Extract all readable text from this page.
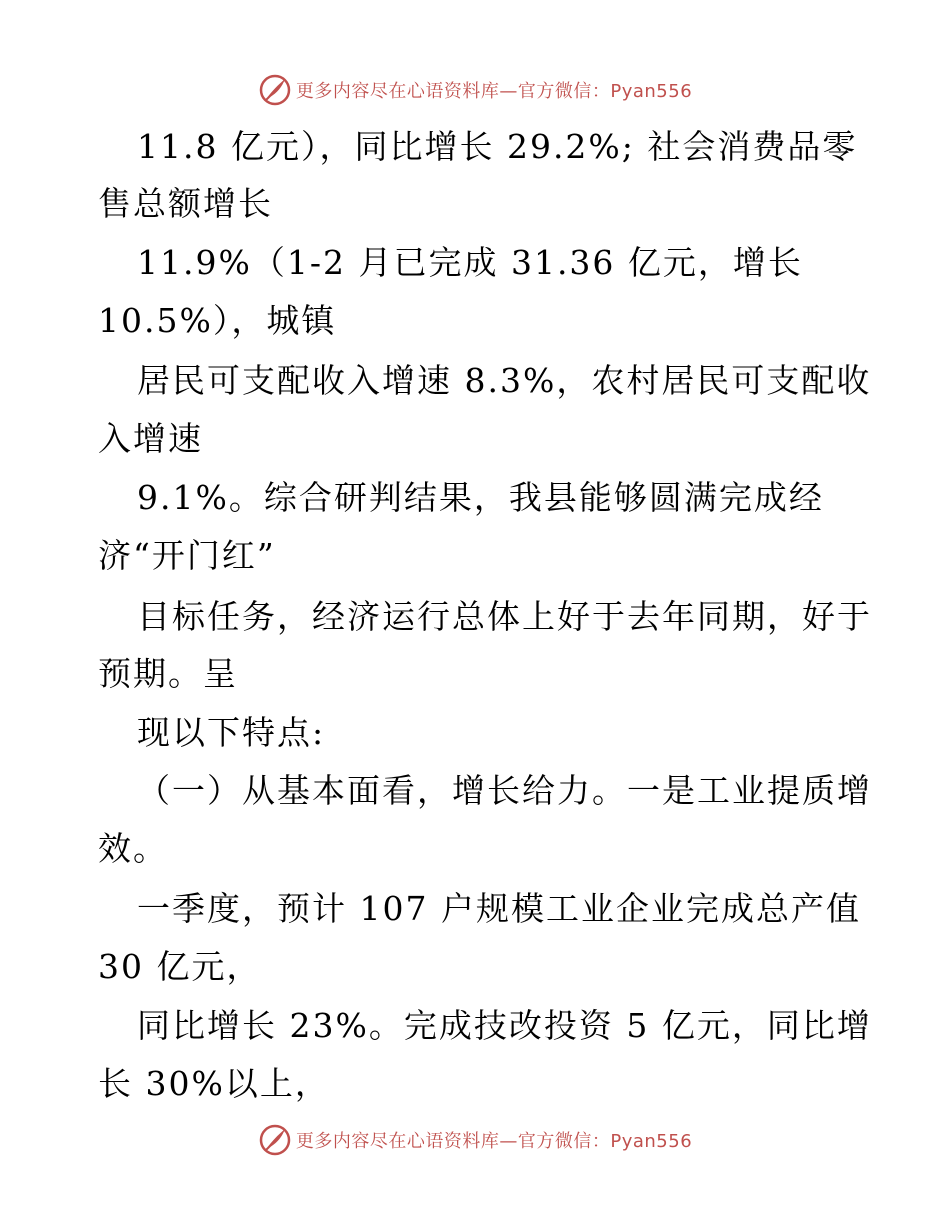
更多内容尽在心语资料库—官方微信：Pyan556
11.8 亿元），同比增长 29.2%; 社会消费品零
售总额增长
11.9%（1-2 月已完成 31.36 亿元，增长
10.5%），城镇
居民可支配收入增速 8.3%，农村居民可支配收
入增速
9.1%。综合研判结果，我县能够圆满完成经
济“开门红”
目标任务，经济运行总体上好于去年同期，好于
预期。呈
现以下特点:
（一）从基本面看，增长给力。一是工业提质增
效。
一季度，预计 107 户规模工业企业完成总产值
30 亿元，
同比增长 23%。完成技改投资 5 亿元，同比增
长 30%以上，
更多内容尽在心语资料库—官方微信：Pyan556
